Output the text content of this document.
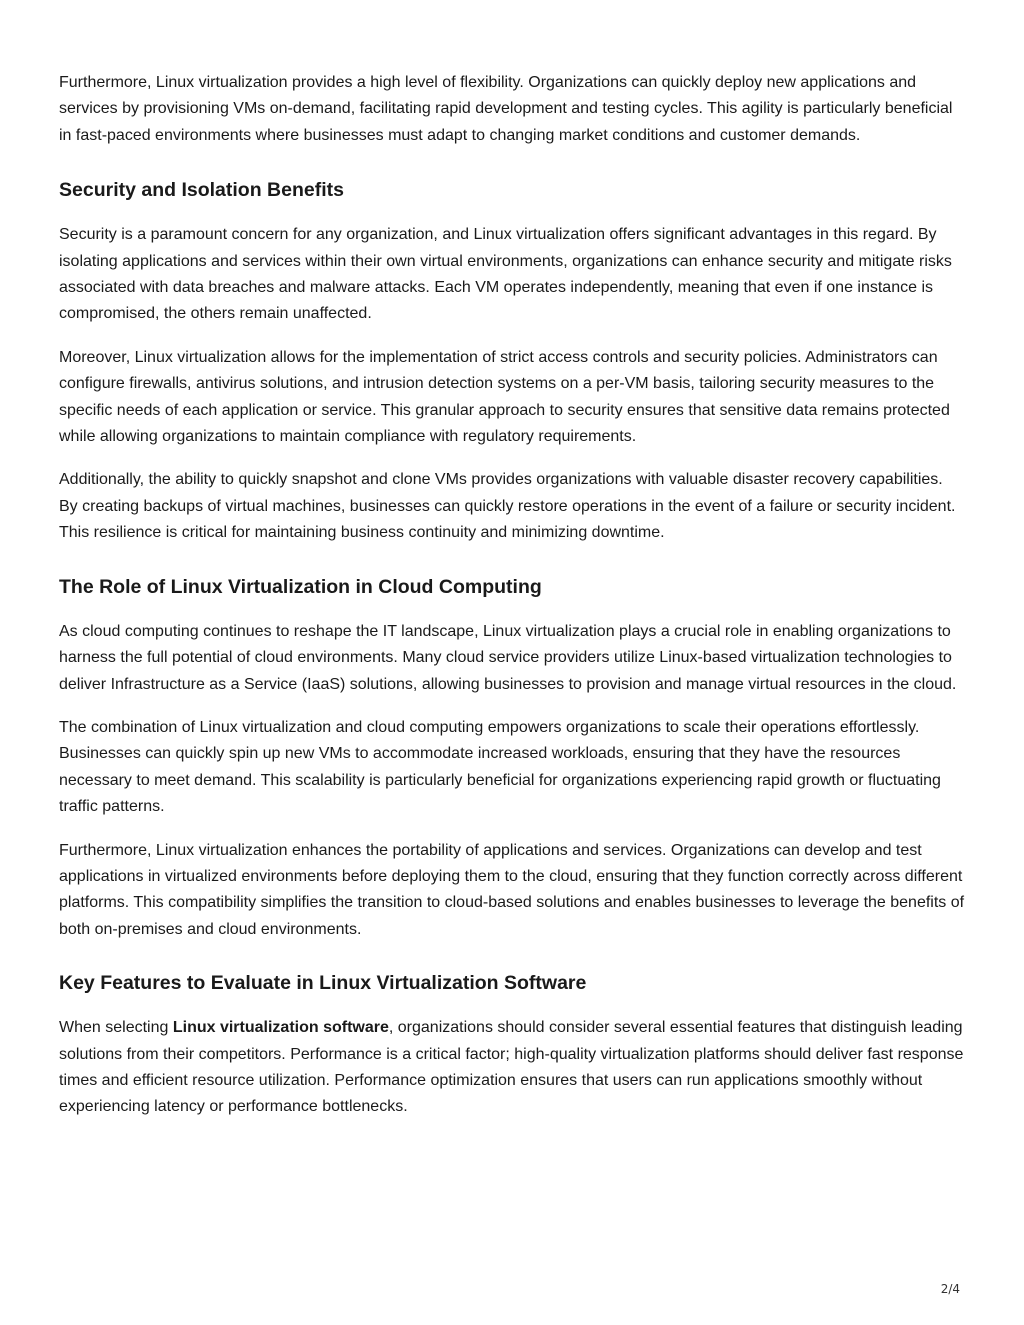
Furthermore, Linux virtualization provides a high level of flexibility. Organizations can quickly deploy new applications and services by provisioning VMs on-demand, facilitating rapid development and testing cycles. This agility is particularly beneficial in fast-paced environments where businesses must adapt to changing market conditions and customer demands.

Security and Isolation Benefits

Security is a paramount concern for any organization, and Linux virtualization offers significant advantages in this regard. By isolating applications and services within their own virtual environments, organizations can enhance security and mitigate risks associated with data breaches and malware attacks. Each VM operates independently, meaning that even if one instance is compromised, the others remain unaffected.

Moreover, Linux virtualization allows for the implementation of strict access controls and security policies. Administrators can configure firewalls, antivirus solutions, and intrusion detection systems on a per-VM basis, tailoring security measures to the specific needs of each application or service. This granular approach to security ensures that sensitive data remains protected while allowing organizations to maintain compliance with regulatory requirements.

Additionally, the ability to quickly snapshot and clone VMs provides organizations with valuable disaster recovery capabilities. By creating backups of virtual machines, businesses can quickly restore operations in the event of a failure or security incident. This resilience is critical for maintaining business continuity and minimizing downtime.

The Role of Linux Virtualization in Cloud Computing

As cloud computing continues to reshape the IT landscape, Linux virtualization plays a crucial role in enabling organizations to harness the full potential of cloud environments. Many cloud service providers utilize Linux-based virtualization technologies to deliver Infrastructure as a Service (IaaS) solutions, allowing businesses to provision and manage virtual resources in the cloud.

The combination of Linux virtualization and cloud computing empowers organizations to scale their operations effortlessly. Businesses can quickly spin up new VMs to accommodate increased workloads, ensuring that they have the resources necessary to meet demand. This scalability is particularly beneficial for organizations experiencing rapid growth or fluctuating traffic patterns.

Furthermore, Linux virtualization enhances the portability of applications and services. Organizations can develop and test applications in virtualized environments before deploying them to the cloud, ensuring that they function correctly across different platforms. This compatibility simplifies the transition to cloud-based solutions and enables businesses to leverage the benefits of both on-premises and cloud environments.

Key Features to Evaluate in Linux Virtualization Software

When selecting Linux virtualization software, organizations should consider several essential features that distinguish leading solutions from their competitors. Performance is a critical factor; high-quality virtualization platforms should deliver fast response times and efficient resource utilization. Performance optimization ensures that users can run applications smoothly without experiencing latency or performance bottlenecks.

2/4
